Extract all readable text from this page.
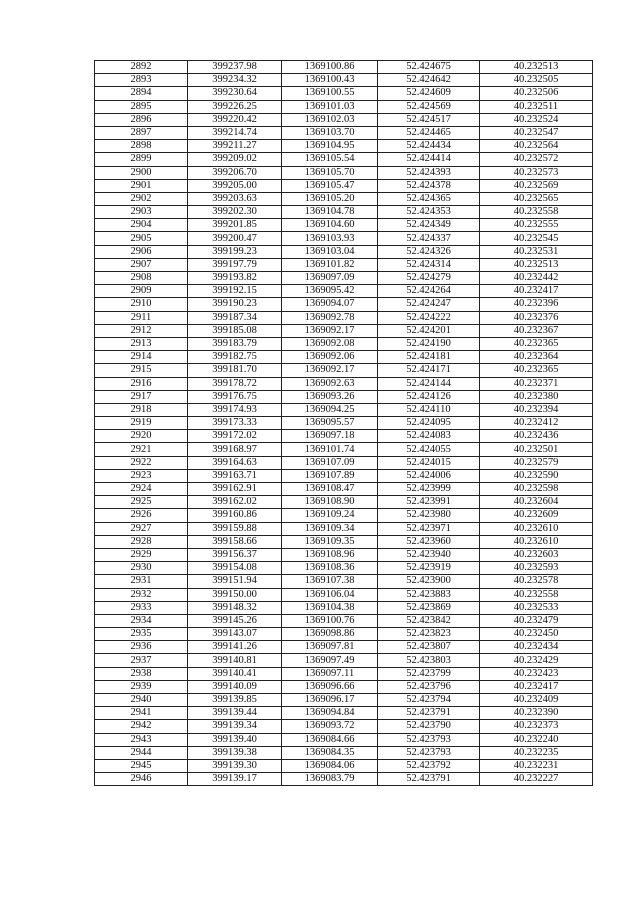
2892	399237.98	1369100.86	52.424675	40.232513
2893	399234.32	1369100.43	52.424642	40.232505
2894	399230.64	1369100.55	52.424609	40.232506
2895	399226.25	1369101.03	52.424569	40.232511
2896	399220.42	1369102.03	52.424517	40.232524
2897	399214.74	1369103.70	52.424465	40.232547
2898	399211.27	1369104.95	52.424434	40.232564
2899	399209.02	1369105.54	52.424414	40.232572
2900	399206.70	1369105.70	52.424393	40.232573
2901	399205.00	1369105.47	52.424378	40.232569
2902	399203.63	1369105.20	52.424365	40.232565
2903	399202.30	1369104.78	52.424353	40.232558
2904	399201.85	1369104.60	52.424349	40.232555
2905	399200.47	1369103.93	52.424337	40.232545
2906	399199.23	1369103.04	52.424326	40.232531
2907	399197.79	1369101.82	52.424314	40.232513
2908	399193.82	1369097.09	52.424279	40.232442
2909	399192.15	1369095.42	52.424264	40.232417
2910	399190.23	1369094.07	52.424247	40.232396
2911	399187.34	1369092.78	52.424222	40.232376
2912	399185.08	1369092.17	52.424201	40.232367
2913	399183.79	1369092.08	52.424190	40.232365
2914	399182.75	1369092.06	52.424181	40.232364
2915	399181.70	1369092.17	52.424171	40.232365
2916	399178.72	1369092.63	52.424144	40.232371
2917	399176.75	1369093.26	52.424126	40.232380
2918	399174.93	1369094.25	52.424110	40.232394
2919	399173.33	1369095.57	52.424095	40.232412
2920	399172.02	1369097.18	52.424083	40.232436
2921	399168.97	1369101.74	52.424055	40.232501
2922	399164.63	1369107.09	52.424015	40.232579
2923	399163.71	1369107.89	52.424006	40.232590
2924	399162.91	1369108.47	52.423999	40.232598
2925	399162.02	1369108.90	52.423991	40.232604
2926	399160.86	1369109.24	52.423980	40.232609
2927	399159.88	1369109.34	52.423971	40.232610
2928	399158.66	1369109.35	52.423960	40.232610
2929	399156.37	1369108.96	52.423940	40.232603
2930	399154.08	1369108.36	52.423919	40.232593
2931	399151.94	1369107.38	52.423900	40.232578
2932	399150.00	1369106.04	52.423883	40.232558
2933	399148.32	1369104.38	52.423869	40.232533
2934	399145.26	1369100.76	52.423842	40.232479
2935	399143.07	1369098.86	52.423823	40.232450
2936	399141.26	1369097.81	52.423807	40.232434
2937	399140.81	1369097.49	52.423803	40.232429
2938	399140.41	1369097.11	52.423799	40.232423
2939	399140.09	1369096.66	52.423796	40.232417
2940	399139.85	1369096.17	52.423794	40.232409
2941	399139.44	1369094.84	52.423791	40.232390
2942	399139.34	1369093.72	52.423790	40.232373
2943	399139.40	1369084.66	52.423793	40.232240
2944	399139.38	1369084.35	52.423793	40.232235
2945	399139.30	1369084.06	52.423792	40.232231
2946	399139.17	1369083.79	52.423791	40.232227
